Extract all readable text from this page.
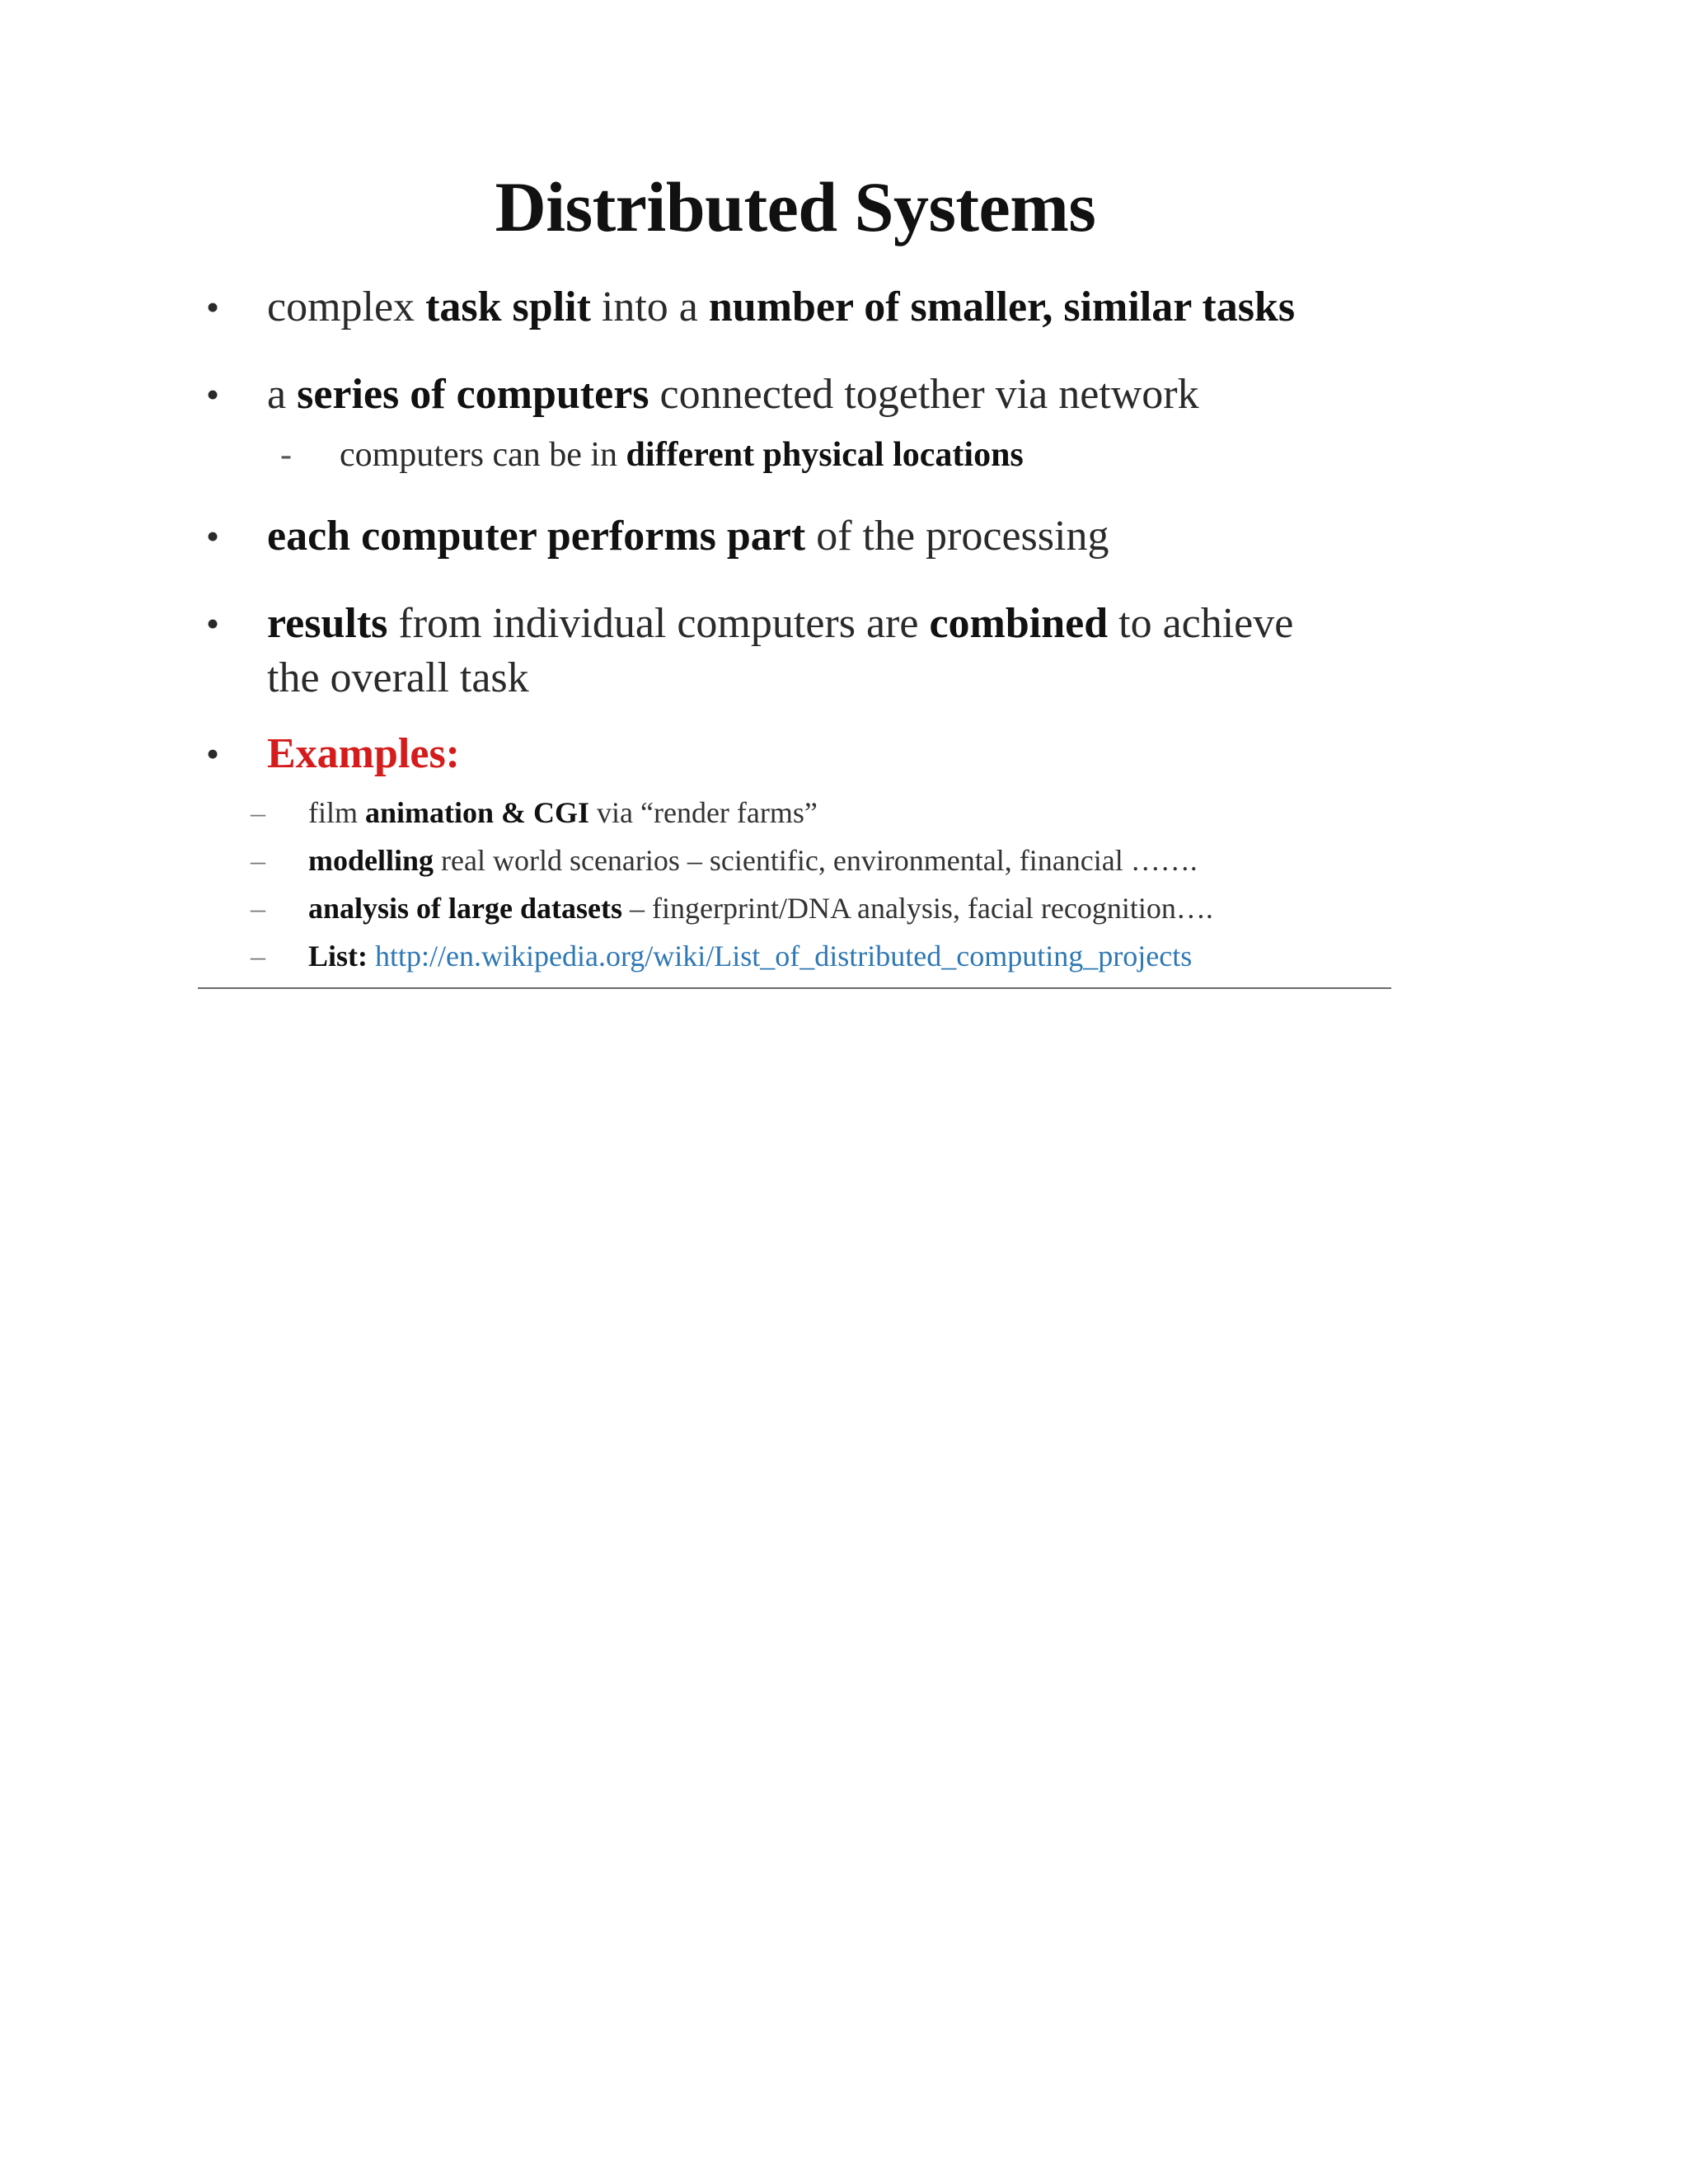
Distributed Systems
• complex task split into a number of smaller, similar tasks
• a series of computers connected together via network
- computers can be in different physical locations
• each computer performs part of the processing
• results from individual computers are combined to achieve
the overall task
• Examples:
– film animation & CGI via “render farms”
– modelling real world scenarios – scientific, environmental, financial …….
– analysis of large datasets – fingerprint/DNA analysis, facial recognition….
– List: http://en.wikipedia.org/wiki/List_of_distributed_computing_projects
